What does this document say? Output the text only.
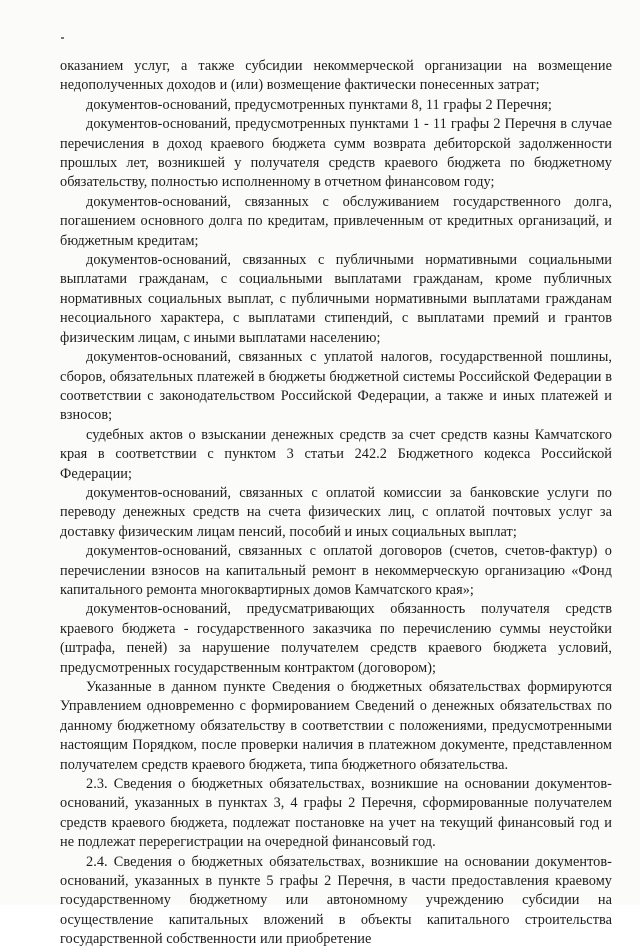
оказанием услуг, а также субсидии некоммерческой организации на возмещение недополученных доходов и (или) возмещение фактически понесенных затрат;

документов-оснований, предусмотренных пунктами 8, 11 графы 2 Перечня;

документов-оснований, предусмотренных пунктами 1 - 11 графы 2 Перечня в случае перечисления в доход краевого бюджета сумм возврата дебиторской задолженности прошлых лет, возникшей у получателя средств краевого бюджета по бюджетному обязательству, полностью исполненному в отчетном финансовом году;

документов-оснований, связанных с обслуживанием государственного долга, погашением основного долга по кредитам, привлеченным от кредитных организаций, и бюджетным кредитам;

документов-оснований, связанных с публичными нормативными социальными выплатами гражданам, с социальными выплатами гражданам, кроме публичных нормативных социальных выплат, с публичными нормативными выплатами гражданам несоциального характера, с выплатами стипендий, с выплатами премий и грантов физическим лицам, с иными выплатами населению;

документов-оснований, связанных с уплатой налогов, государственной пошлины, сборов, обязательных платежей в бюджеты бюджетной системы Российской Федерации в соответствии с законодательством Российской Федерации, а также и иных платежей и взносов;

судебных актов о взыскании денежных средств за счет средств казны Камчатского края в соответствии с пунктом 3 статьи 242.2 Бюджетного кодекса Российской Федерации;

документов-оснований, связанных с оплатой комиссии за банковские услуги по переводу денежных средств на счета физических лиц, с оплатой почтовых услуг за доставку физическим лицам пенсий, пособий и иных социальных выплат;

документов-оснований, связанных с оплатой договоров (счетов, счетов-фактур) о перечислении взносов на капитальный ремонт в некоммерческую организацию «Фонд капитального ремонта многоквартирных домов Камчатского края»;

документов-оснований, предусматривающих обязанность получателя средств краевого бюджета - государственного заказчика по перечислению суммы неустойки (штрафа, пеней) за нарушение получателем средств краевого бюджета условий, предусмотренных государственным контрактом (договором);

Указанные в данном пункте Сведения о бюджетных обязательствах формируются Управлением одновременно с формированием Сведений о денежных обязательствах по данному бюджетному обязательству в соответствии с положениями, предусмотренными настоящим Порядком, после проверки наличия в платежном документе, представленном получателем средств краевого бюджета, типа бюджетного обязательства.

2.3. Сведения о бюджетных обязательствах, возникшие на основании документов-оснований, указанных в пунктах 3, 4 графы 2 Перечня, сформированные получателем средств краевого бюджета, подлежат постановке на учет на текущий финансовый год и не подлежат перерегистрации на очередной финансовый год.

2.4. Сведения о бюджетных обязательствах, возникшие на основании документов-оснований, указанных в пункте 5 графы 2 Перечня, в части предоставления краевому государственному бюджетному или автономному учреждению субсидии на осуществление капитальных вложений в объекты капитального строительства государственной собственности или приобретение
